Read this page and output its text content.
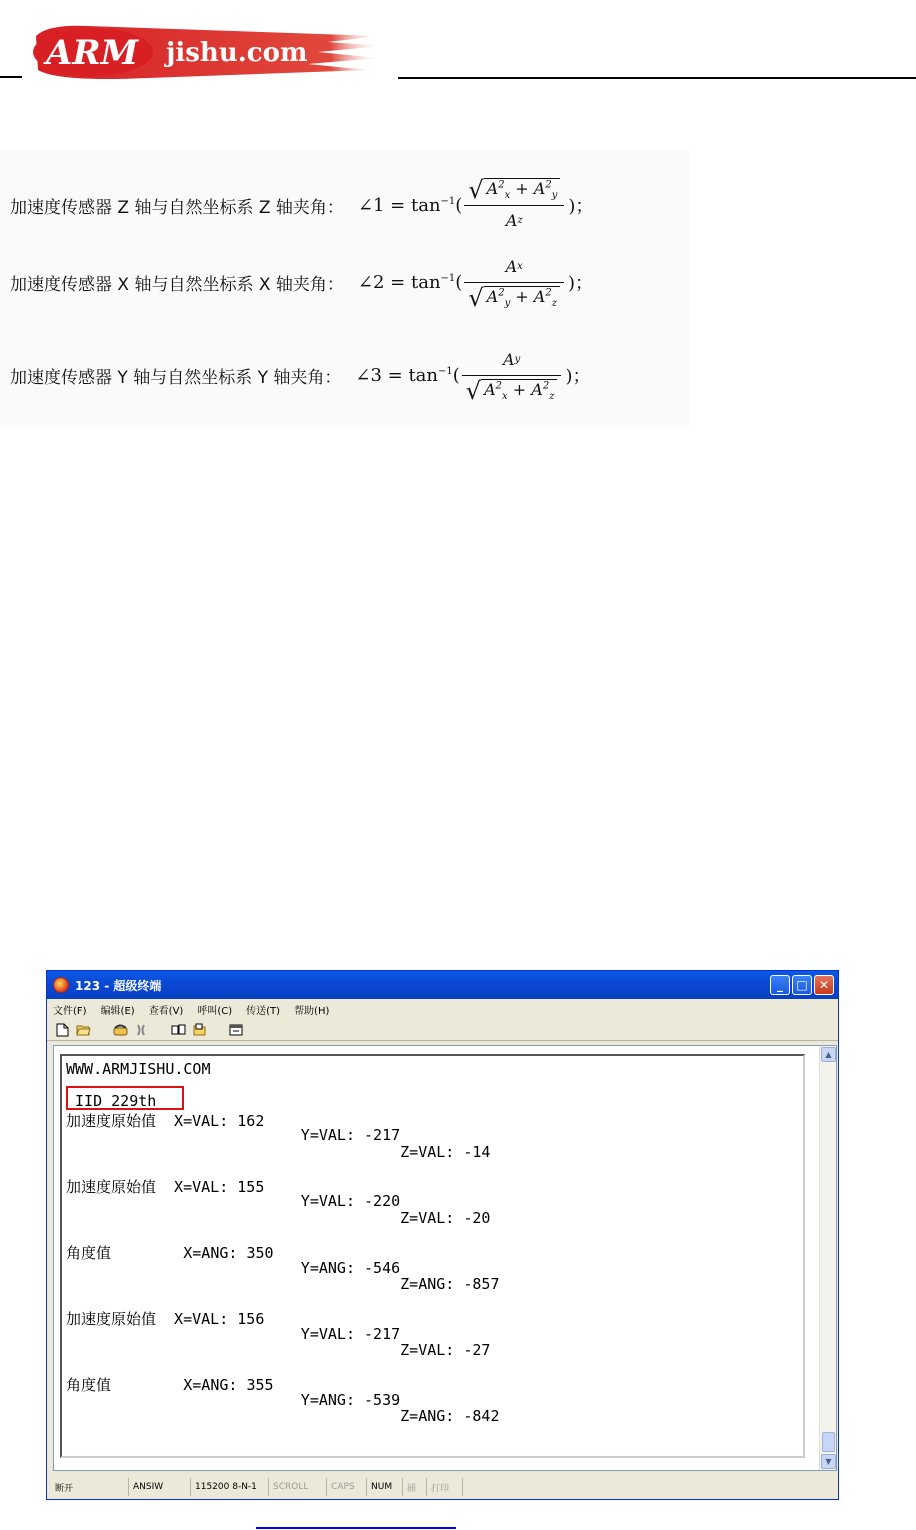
ARM jishu.com
加速度传感器 Z 轴与自然坐标系 Z 轴夹角： ∠1 = $\tan^{-1}( \frac{√ A^2_x + A^2_y}{\text{A z}}$ )；
加速度传感器 X 轴与自然坐标系 X 轴夹角： ∠2 = $\tan^{-1}( \frac{\text{A x}}{√ A^2_y + A^2_z}$ )；
加速度传感器 Y 轴与自然坐标系 Y 轴夹角： ∠3 = $\tan^{-1}( \frac{\text{A y}}{√ A^2_x + A^2_z}$ )；
123 - 超级终端	_	□ ✕
文件(F) 编辑(E) 查看(V) 呼叫(C) 传送(T) 帮助(H)
WWW.ARMJISHU.COM
IID 229th
加速度原始值  X=VAL: 162
Y=VAL: -217
Z=VAL: -14
加速度原始值  X=VAL: 155
Y=VAL: -220
Z=VAL: -20
角度值        X=ANG: 350
Y=ANG: -546
Z=ANG: -857
加速度原始值  X=VAL: 156
Y=VAL: -217
Z=VAL: -27
角度值        X=ANG: 355
Y=ANG: -539
Z=ANG: -842
▲
▼
断开	ANSIW	115200 8-N-1	SCROLL	CAPS	NUM	捕	打印
